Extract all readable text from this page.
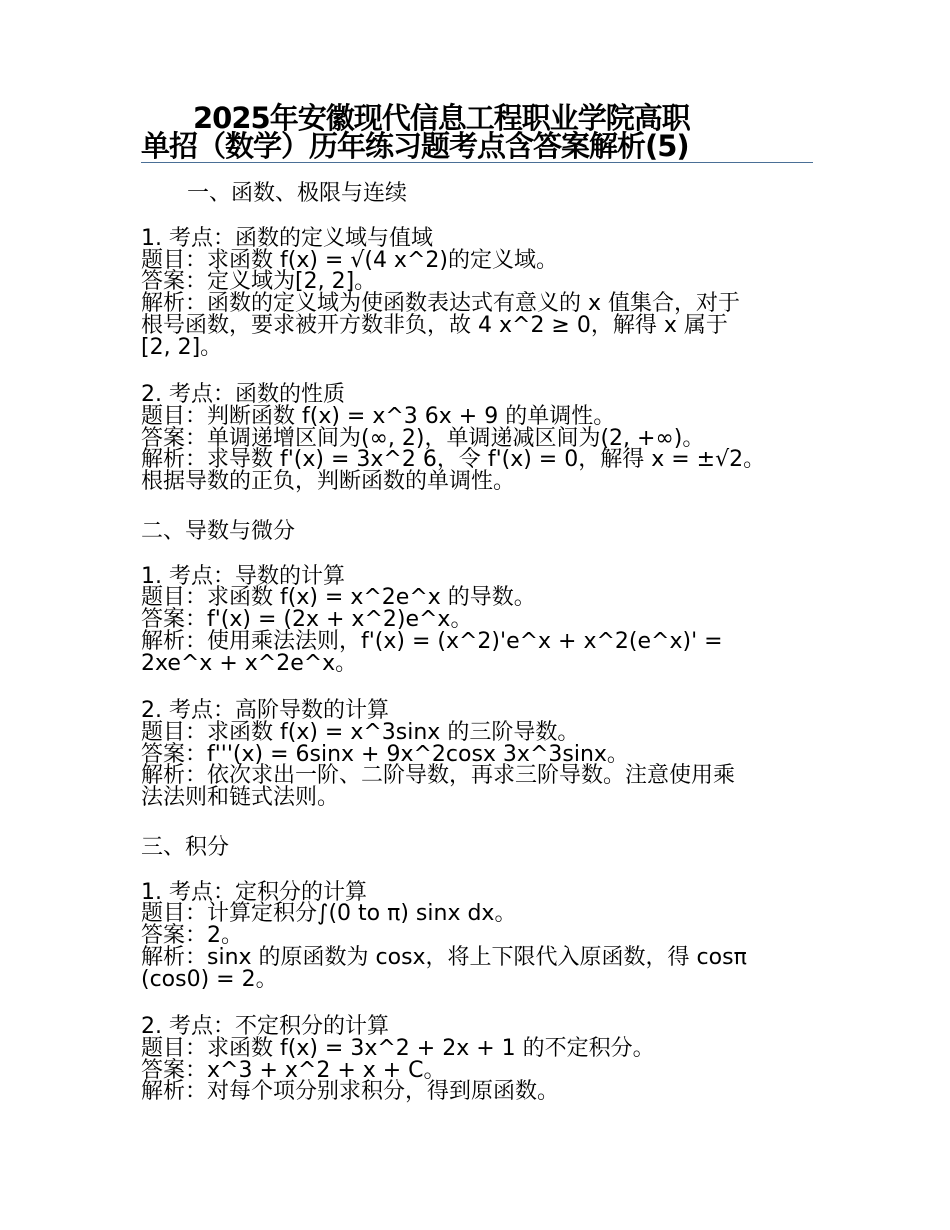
2025年安徽现代信息工程职业学院高职
单招（数学）历年练习题考点含答案解析(5)

一、函数、极限与连续

1. 考点：函数的定义域与值域

题目：求函数 f(x) = √(4 x^2)的定义域。

答案：定义域为[2, 2]。

解析：函数的定义域为使函数表达式有意义的 x 值集合，对于

根号函数，要求被开方数非负，故 4 x^2 ≥ 0，解得 x 属于

[2, 2]。

2. 考点：函数的性质

题目：判断函数 f(x) = x^3 6x + 9 的单调性。

答案：单调递增区间为(∞, 2)，单调递减区间为(2, +∞)。

解析：求导数 f'(x) = 3x^2 6，令 f'(x) = 0，解得 x = ±√2。

根据导数的正负，判断函数的单调性。

二、导数与微分

1. 考点：导数的计算

题目：求函数 f(x) = x^2e^x 的导数。

答案：f'(x) = (2x + x^2)e^x。

解析：使用乘法法则，f'(x) = (x^2)'e^x + x^2(e^x)' =

2xe^x + x^2e^x。

2. 考点：高阶导数的计算

题目：求函数 f(x) = x^3sinx 的三阶导数。

答案：f'''(x) = 6sinx + 9x^2cosx 3x^3sinx。

解析：依次求出一阶、二阶导数，再求三阶导数。注意使用乘

法法则和链式法则。

三、积分

1. 考点：定积分的计算

题目：计算定积分∫(0 to π) sinx dx。

答案：2。

解析：sinx 的原函数为 cosx，将上下限代入原函数，得 cosπ

(cos0) = 2。

2. 考点：不定积分的计算

题目：求函数 f(x) = 3x^2 + 2x + 1 的不定积分。

答案：x^3 + x^2 + x + C。

解析：对每个项分别求积分，得到原函数。
